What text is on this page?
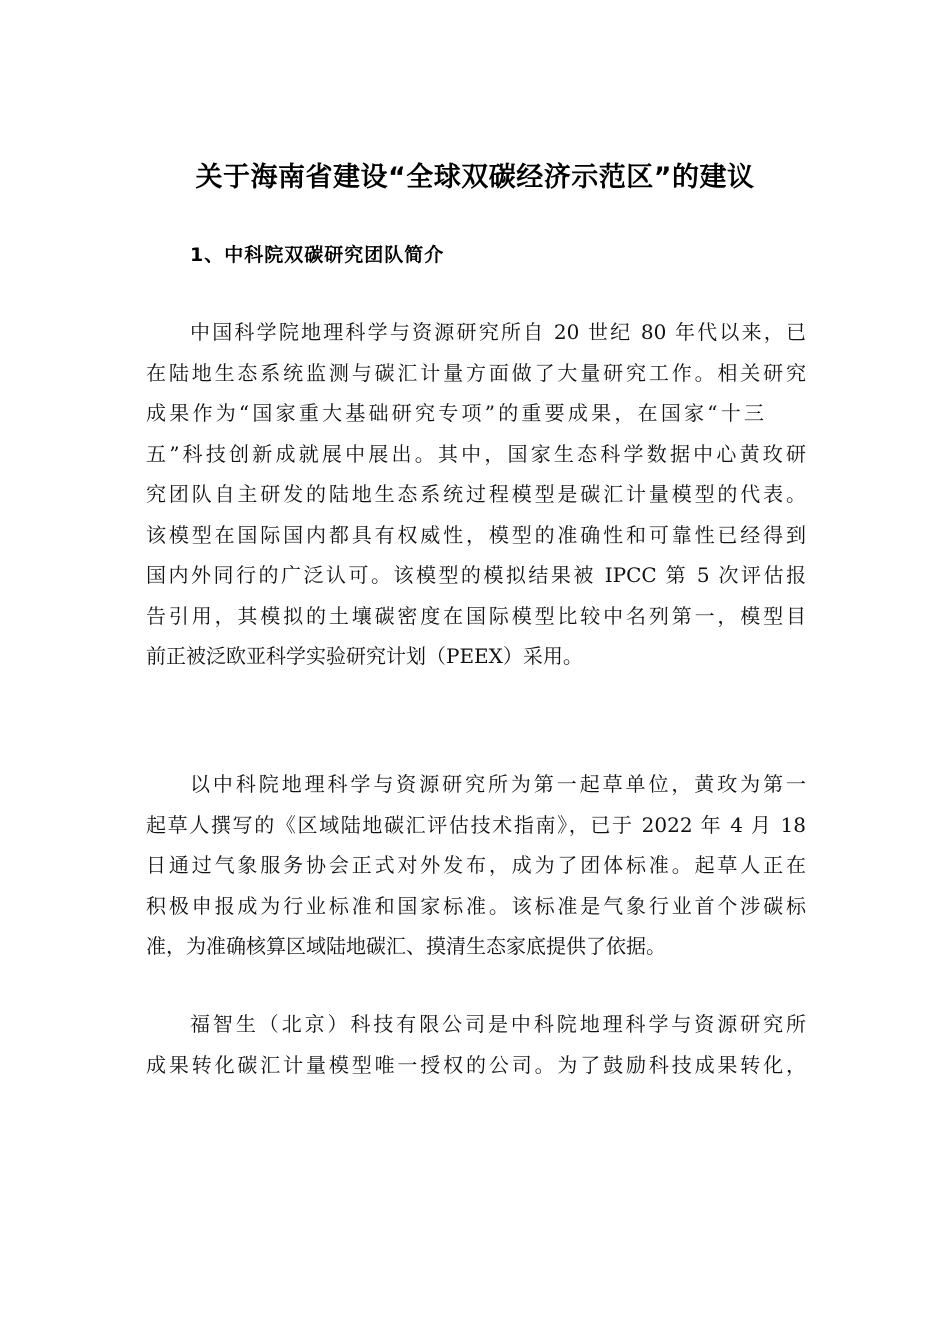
关于海南省建设“全球双碳经济示范区”的建议
1、中科院双碳研究团队简介
中国科学院地理科学与资源研究所自 20 世纪 80 年代以来，已
在陆地生态系统监测与碳汇计量方面做了大量研究工作。相关研究
成果作为“国家重大基础研究专项”的重要成果，在国家“十三
五”科技创新成就展中展出。其中，国家生态科学数据中心黄玫研
究团队自主研发的陆地生态系统过程模型是碳汇计量模型的代表。
该模型在国际国内都具有权威性，模型的准确性和可靠性已经得到
国内外同行的广泛认可。该模型的模拟结果被 IPCC 第 5 次评估报
告引用，其模拟的土壤碳密度在国际模型比较中名列第一，模型目
前正被泛欧亚科学实验研究计划（PEEX）采用。
以中科院地理科学与资源研究所为第一起草单位，黄玫为第一
起草人撰写的《区域陆地碳汇评估技术指南》，已于 2022 年 4 月 18
日通过气象服务协会正式对外发布，成为了团体标准。起草人正在
积极申报成为行业标准和国家标准。该标准是气象行业首个涉碳标
准，为准确核算区域陆地碳汇、摸清生态家底提供了依据。
福智生（北京）科技有限公司是中科院地理科学与资源研究所
成果转化碳汇计量模型唯一授权的公司。为了鼓励科技成果转化，
